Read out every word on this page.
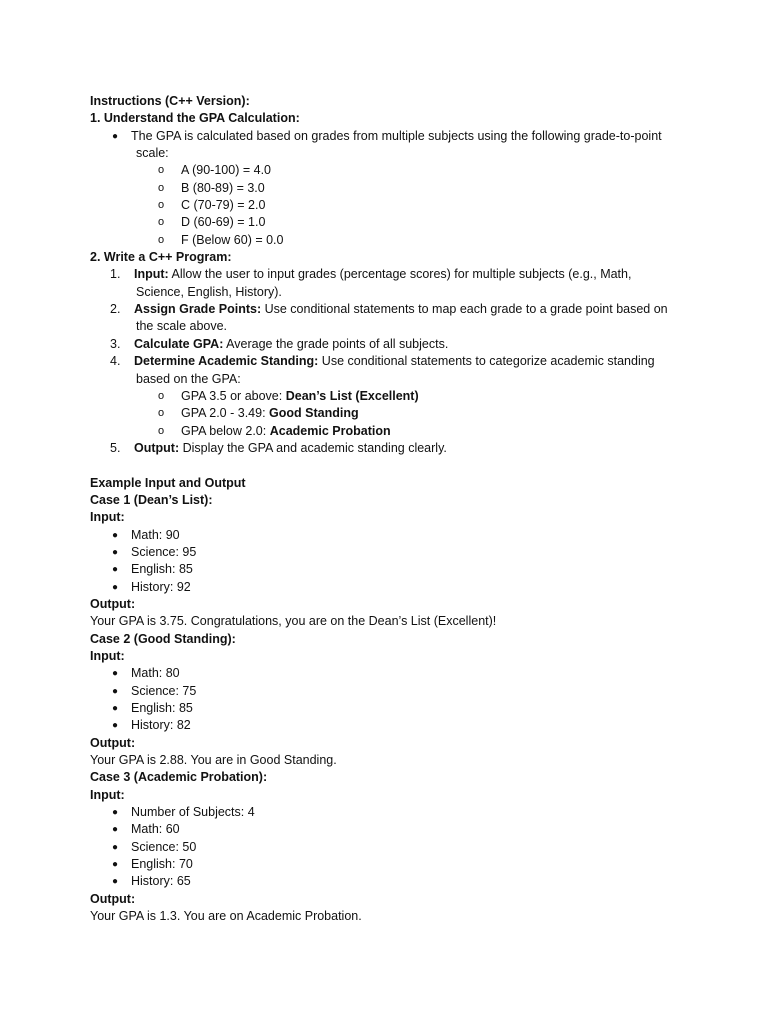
Instructions (C++ Version):
1. Understand the GPA Calculation:
●	The GPA is calculated based on grades from multiple subjects using the following grade-to-point
scale:
o	A (90-100) = 4.0
o	B (80-89) = 3.0
o	C (70-79) = 2.0
o	D (60-69) = 1.0
o	F (Below 60) = 0.0
2. Write a C++ Program:
1.	Input: Allow the user to input grades (percentage scores) for multiple subjects (e.g., Math,
Science, English, History).
2.	Assign Grade Points: Use conditional statements to map each grade to a grade point based on
the scale above.
3.	Calculate GPA: Average the grade points of all subjects.
4.	Determine Academic Standing: Use conditional statements to categorize academic standing
based on the GPA:
o	GPA 3.5 or above: Dean’s List (Excellent)
o	GPA 2.0 - 3.49: Good Standing
o	GPA below 2.0: Academic Probation
5.	Output: Display the GPA and academic standing clearly.
Example Input and Output
Case 1 (Dean’s List):
Input:
●	Math: 90
●	Science: 95
●	English: 85
●	History: 92
Output:
Your GPA is 3.75. Congratulations, you are on the Dean’s List (Excellent)!
Case 2 (Good Standing):
Input:
●	Math: 80
●	Science: 75
●	English: 85
●	History: 82
Output:
Your GPA is 2.88. You are in Good Standing.
Case 3 (Academic Probation):
Input:
●	Number of Subjects: 4
●	Math: 60
●	Science: 50
●	English: 70
●	History: 65
Output:
Your GPA is 1.3. You are on Academic Probation.
